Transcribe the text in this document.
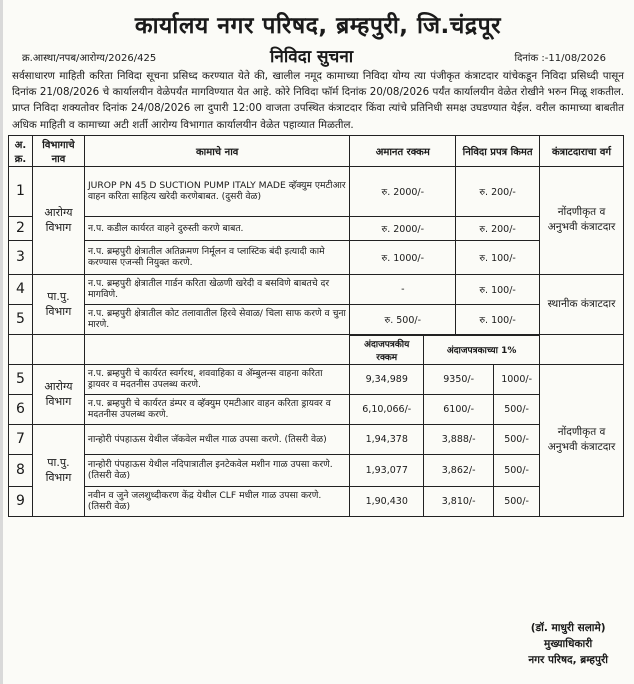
कार्यालय नगर परिषद, ब्रम्हपुरी, जि.चंद्रपूर
क्र.आस्था/नपब/आरोग्य/2026/425	निविदा सुचना	दिनांक :-11/08/2026
सर्वसाधारण माहिती करिता निविदा सूचना प्रसिध्द करण्यात येते की, खालील नमूद कामाच्या निविदा योग्य त्या पंजीकृत कंत्राटदार यांचेकडून निविदा प्रसिध्दी पासून दिनांक 21/08/2026 चे कार्यालयीन वेळेपर्यंत मागविण्यात येत आहे. कोरे निविदा फॉर्म दिनांक 20/08/2026 पर्यंत कार्यालयीन वेळेत रोखीने भरुन मिळू शकतील. प्राप्त निविदा शक्यतोवर दिनांक 24/08/2026 ला दुपारी 12:00 वाजता उपस्थित कंत्राटदार किंवा त्यांचे प्रतिनिधी समक्ष उघडण्यात येईल. वरील कामाच्या बाबतीत अधिक माहिती व कामाच्या अटी शर्ती आरोग्य विभागात कार्यालयीन वेळेत पहाव्यात मिळतील.
अ. क्र.	विभागाचे नाव	कामाचे नाव	अमानत रक्कम	निविदा प्रपत्र किमत	कंत्राटदाराचा वर्ग
1	आरोग्य विभाग	JUROP PN 45 D SUCTION PUMP ITALY MADE व्हॅक्युम एमटीआर वाहन करिता साहित्य खरेदी करणेबाबत. (दुसरी वेळ)	रु. 2000/-	रु. 200/-	नोंदणीकृत व अनुभवी कंत्राटदार
2		न.प. कडील कार्यरत वाहने दुरुस्ती करणे बाबत.	रु. 2000/-	रु. 200/-	
3		न.प. ब्रम्हपुरी क्षेत्रातील अतिक्रमण निर्मूलन व प्लास्टिक बंदी इत्यादी कामे करण्यास एजन्सी नियुक्त करणे.	रु. 1000/-	रु. 100/-	
4	पा.पु. विभाग	न.प. ब्रम्हपुरी क्षेत्रातील गार्डन करिता खेळणी खरेदी व बसविणे बाबतचे दर मागविणे.	-	रु. 100/-	स्थानीक कंत्राटदार
5		न.प. ब्रम्हपुरी क्षेत्रातील कोट तलावातील हिरवे सेवाळ/ चिला साफ करणे व चुना मारणे.	रु. 500/-	रु. 100/-	
			अंदाजपत्रकीय रक्कम	अंदाजपत्रकाच्या 1%		
5	आरोग्य विभाग	न.प. ब्रम्हपुरी चे कार्यरत स्वर्गरथ, शववाहिका व ॲम्बुलन्स वाहना करिता ड्रायवर व मदतनीस उपलब्ध करणे.	9,34,989	9350/-	1000/-	नोंदणीकृत व अनुभवी कंत्राटदार
6		न.प. ब्रम्हपुरी चे कार्यरत डंम्पर व व्हॅक्युम एमटीआर वाहन करिता ड्रायवर व मदतनीस उपलब्ध करणे.	6,10,066/-	6100/-	500/-	
7	पा.पु. विभाग	नान्होरी पंपहाऊस येथील जॅकवेल मधील गाळ उपसा करणे. (तिसरी वेळ)	1,94,378	3,888/-	500/-	
8		नान्होरी पंपहाऊस येथील नदिपात्रातील इनटेकवेल मशीन गाळ उपसा करणे. (तिसरी वेळ)	1,93,077	3,862/-	500/-	
9		नवीन व जुने जलशुध्दीकरण केंद्र येथील CLF मधील गाळ उपसा करणे. (तिसरी वेळ)	1,90,430	3,810/-	500/-	
(डॉ. माधुरी सलामे)
मुख्याधिकारी
नगर परिषद, ब्रम्हपुरी
